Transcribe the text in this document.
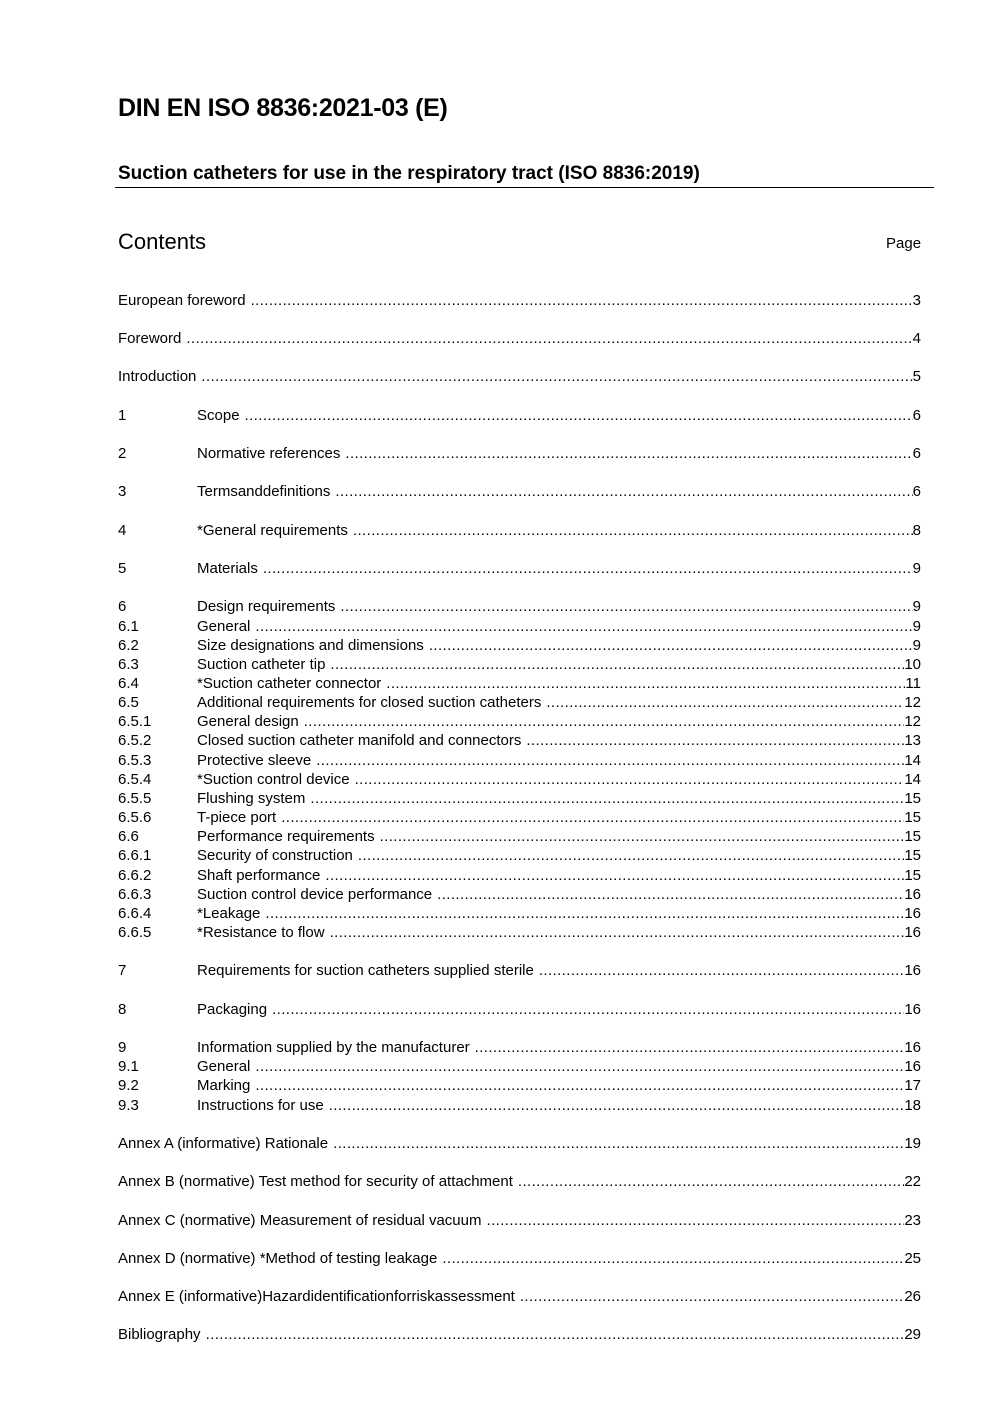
DIN EN ISO 8836:2021-03 (E)
Suction catheters for use in the respiratory tract (ISO 8836:2019)
Contents	Page
European foreword .....	3
Foreword .....	4
Introduction .....	5
1	Scope .....	6
2	Normative references .....	6
3	Termsanddefinitions .....	6
4	*General requirements .....	8
5	Materials .....	9
6	Design requirements .....	9
6.1	General .....	9
6.2	Size designations and dimensions .....	9
6.3	Suction catheter tip .....	10
6.4	*Suction catheter connector .....	11
6.5	Additional requirements for closed suction catheters .....	12
6.5.1	General design .....	12
6.5.2	Closed suction catheter manifold and connectors .....	13
6.5.3	Protective sleeve .....	14
6.5.4	*Suction control device .....	14
6.5.5	Flushing system .....	15
6.5.6	T-piece port .....	15
6.6	Performance requirements .....	15
6.6.1	Security of construction .....	15
6.6.2	Shaft performance .....	15
6.6.3	Suction control device performance .....	16
6.6.4	*Leakage .....	16
6.6.5	*Resistance to flow .....	16
7	Requirements for suction catheters supplied sterile .....	16
8	Packaging .....	16
9	Information supplied by the manufacturer .....	16
9.1	General .....	16
9.2	Marking .....	17
9.3	Instructions for use .....	18
Annex A (informative) Rationale .....	19
Annex B (normative) Test method for security of attachment .....	22
Annex C (normative) Measurement of residual vacuum .....	23
Annex D (normative) *Method of testing leakage .....	25
Annex E (informative)Hazardidentificationforriskassessment .....	26
Bibliography .....	29
